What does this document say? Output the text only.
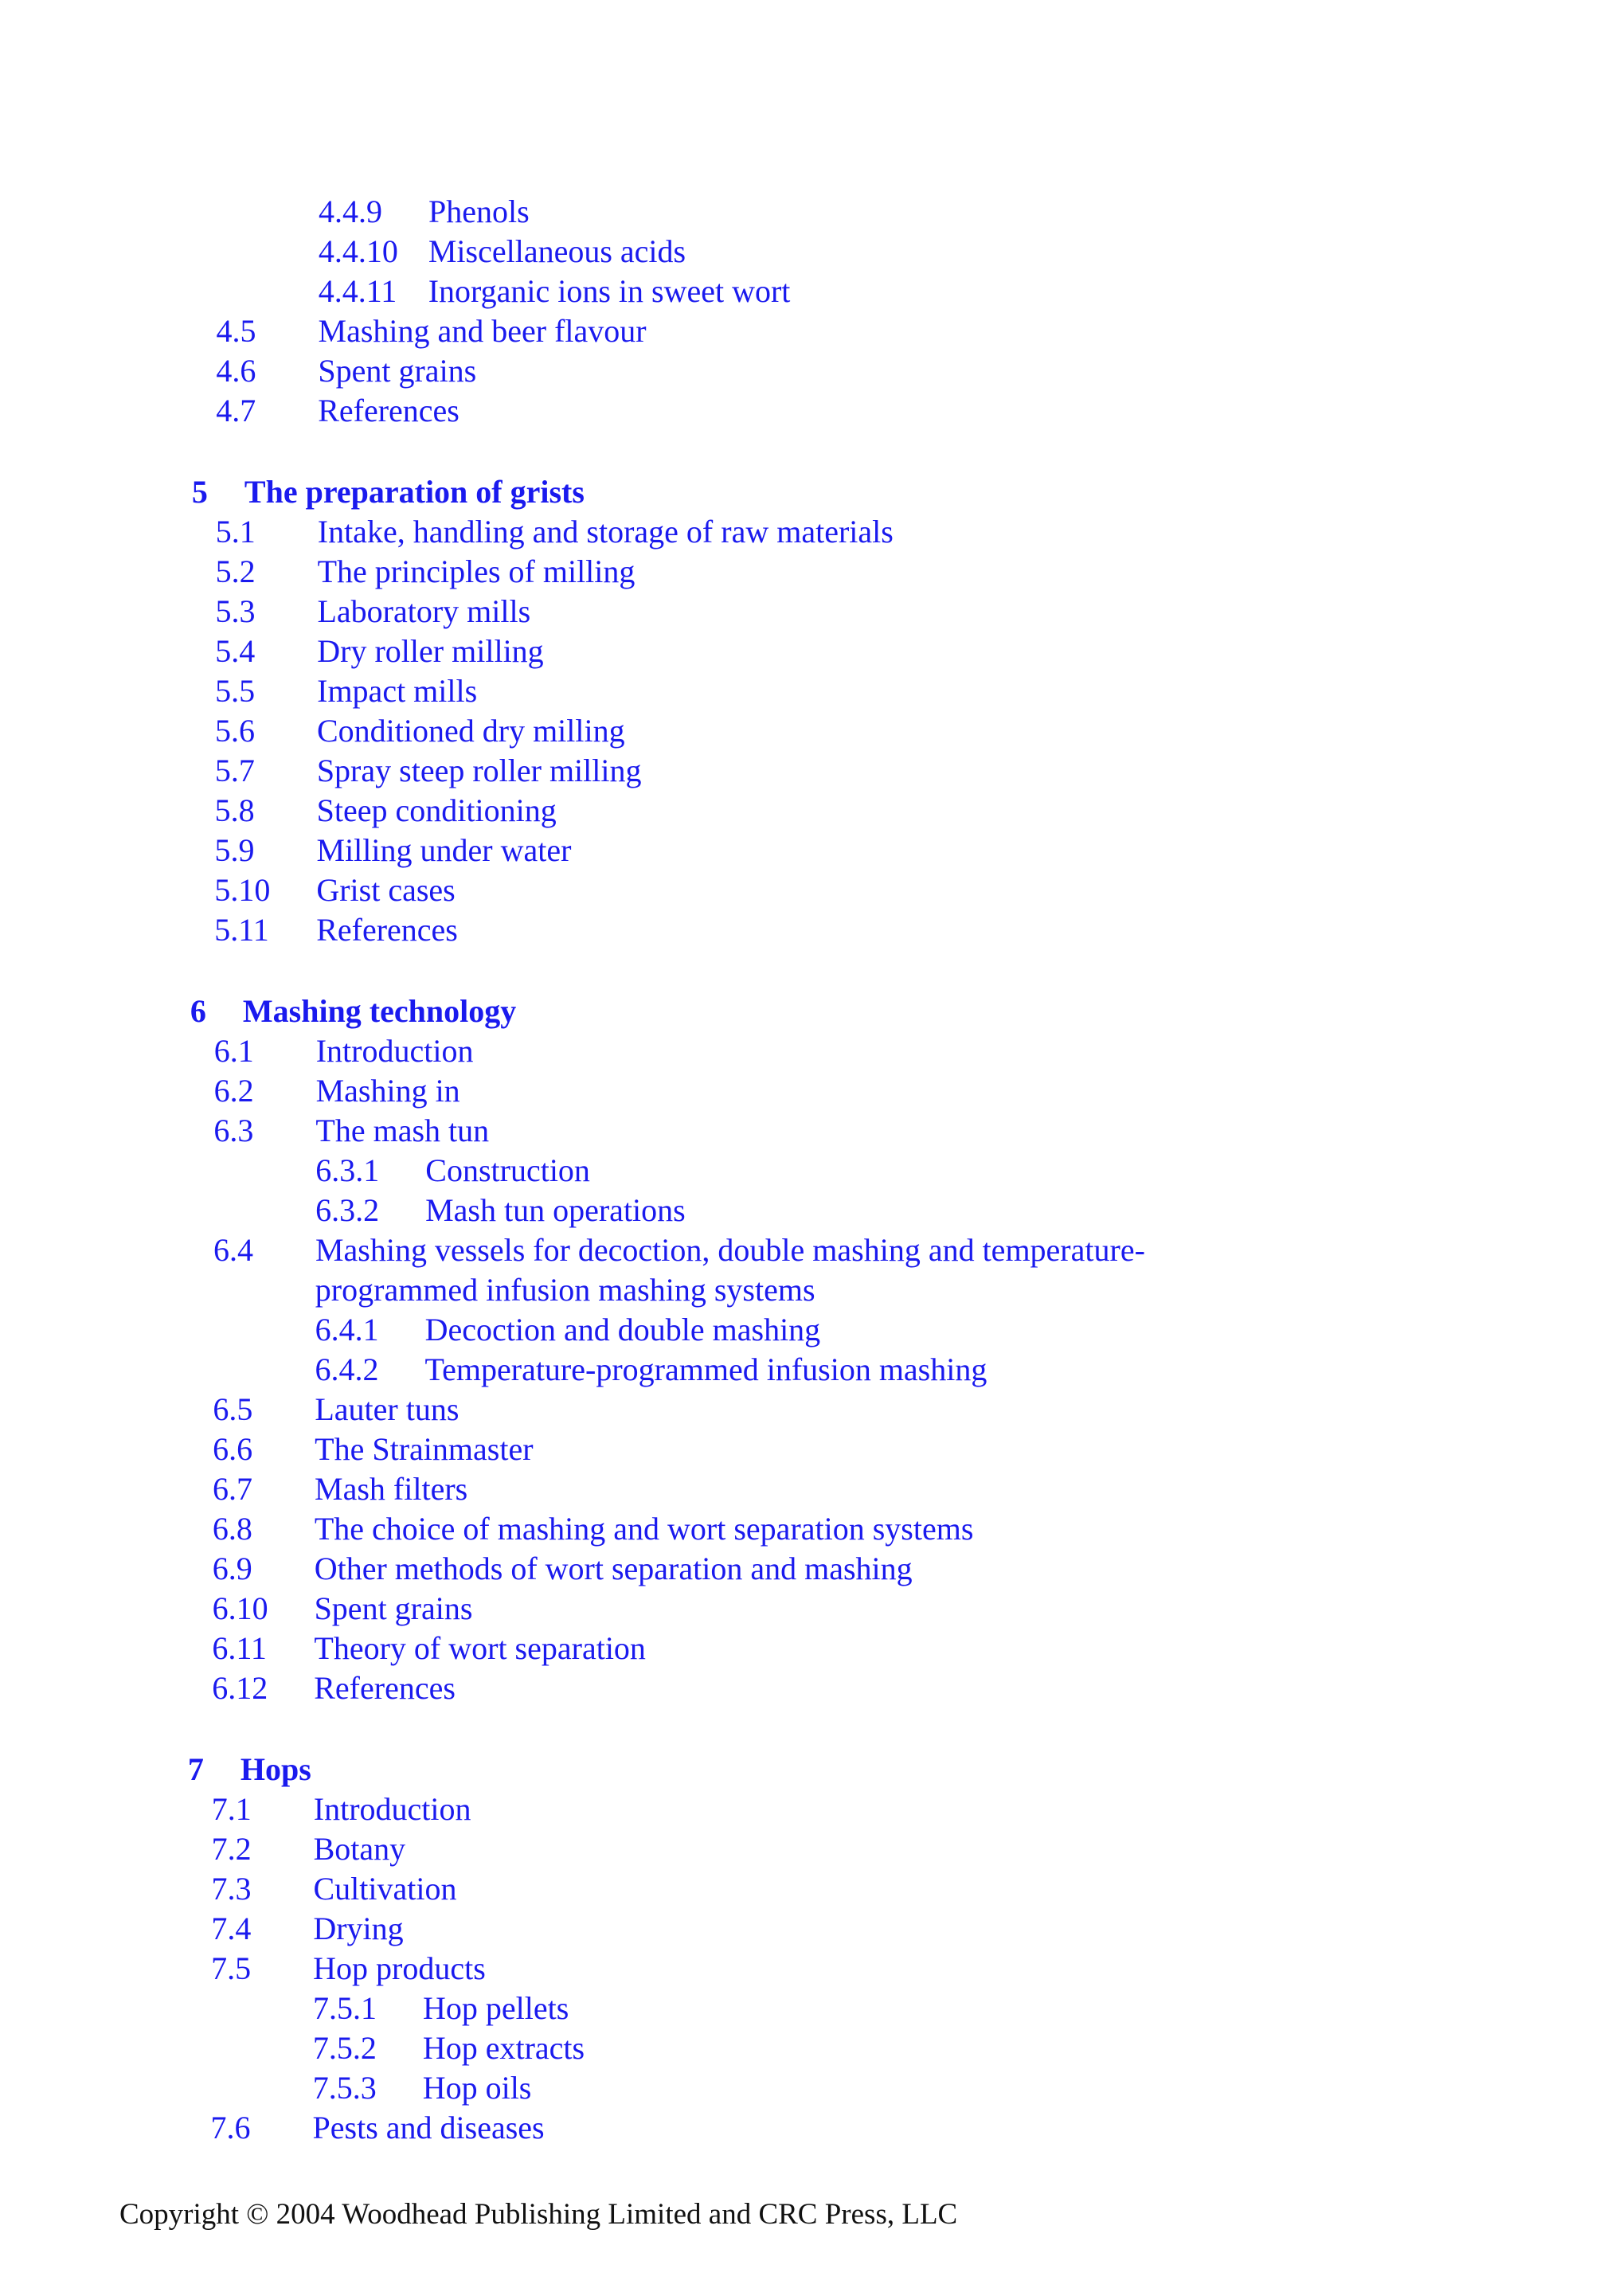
4.4.9 Phenols
4.4.10 Miscellaneous acids
4.4.11 Inorganic ions in sweet wort
4.5 Mashing and beer flavour
4.6 Spent grains
4.7 References
5 The preparation of grists
5.1 Intake, handling and storage of raw materials
5.2 The principles of milling
5.3 Laboratory mills
5.4 Dry roller milling
5.5 Impact mills
5.6 Conditioned dry milling
5.7 Spray steep roller milling
5.8 Steep conditioning
5.9 Milling under water
5.10 Grist cases
5.11 References
6 Mashing technology
6.1 Introduction
6.2 Mashing in
6.3 The mash tun
6.3.1 Construction
6.3.2 Mash tun operations
6.4 Mashing vessels for decoction, double mashing and temperature-
programmed infusion mashing systems
6.4.1 Decoction and double mashing
6.4.2 Temperature-programmed infusion mashing
6.5 Lauter tuns
6.6 The Strainmaster
6.7 Mash filters
6.8 The choice of mashing and wort separation systems
6.9 Other methods of wort separation and mashing
6.10 Spent grains
6.11 Theory of wort separation
6.12 References
7 Hops
7.1 Introduction
7.2 Botany
7.3 Cultivation
7.4 Drying
7.5 Hop products
7.5.1 Hop pellets
7.5.2 Hop extracts
7.5.3 Hop oils
7.6 Pests and diseases
Copyright © 2004 Woodhead Publishing Limited and CRC Press, LLC
